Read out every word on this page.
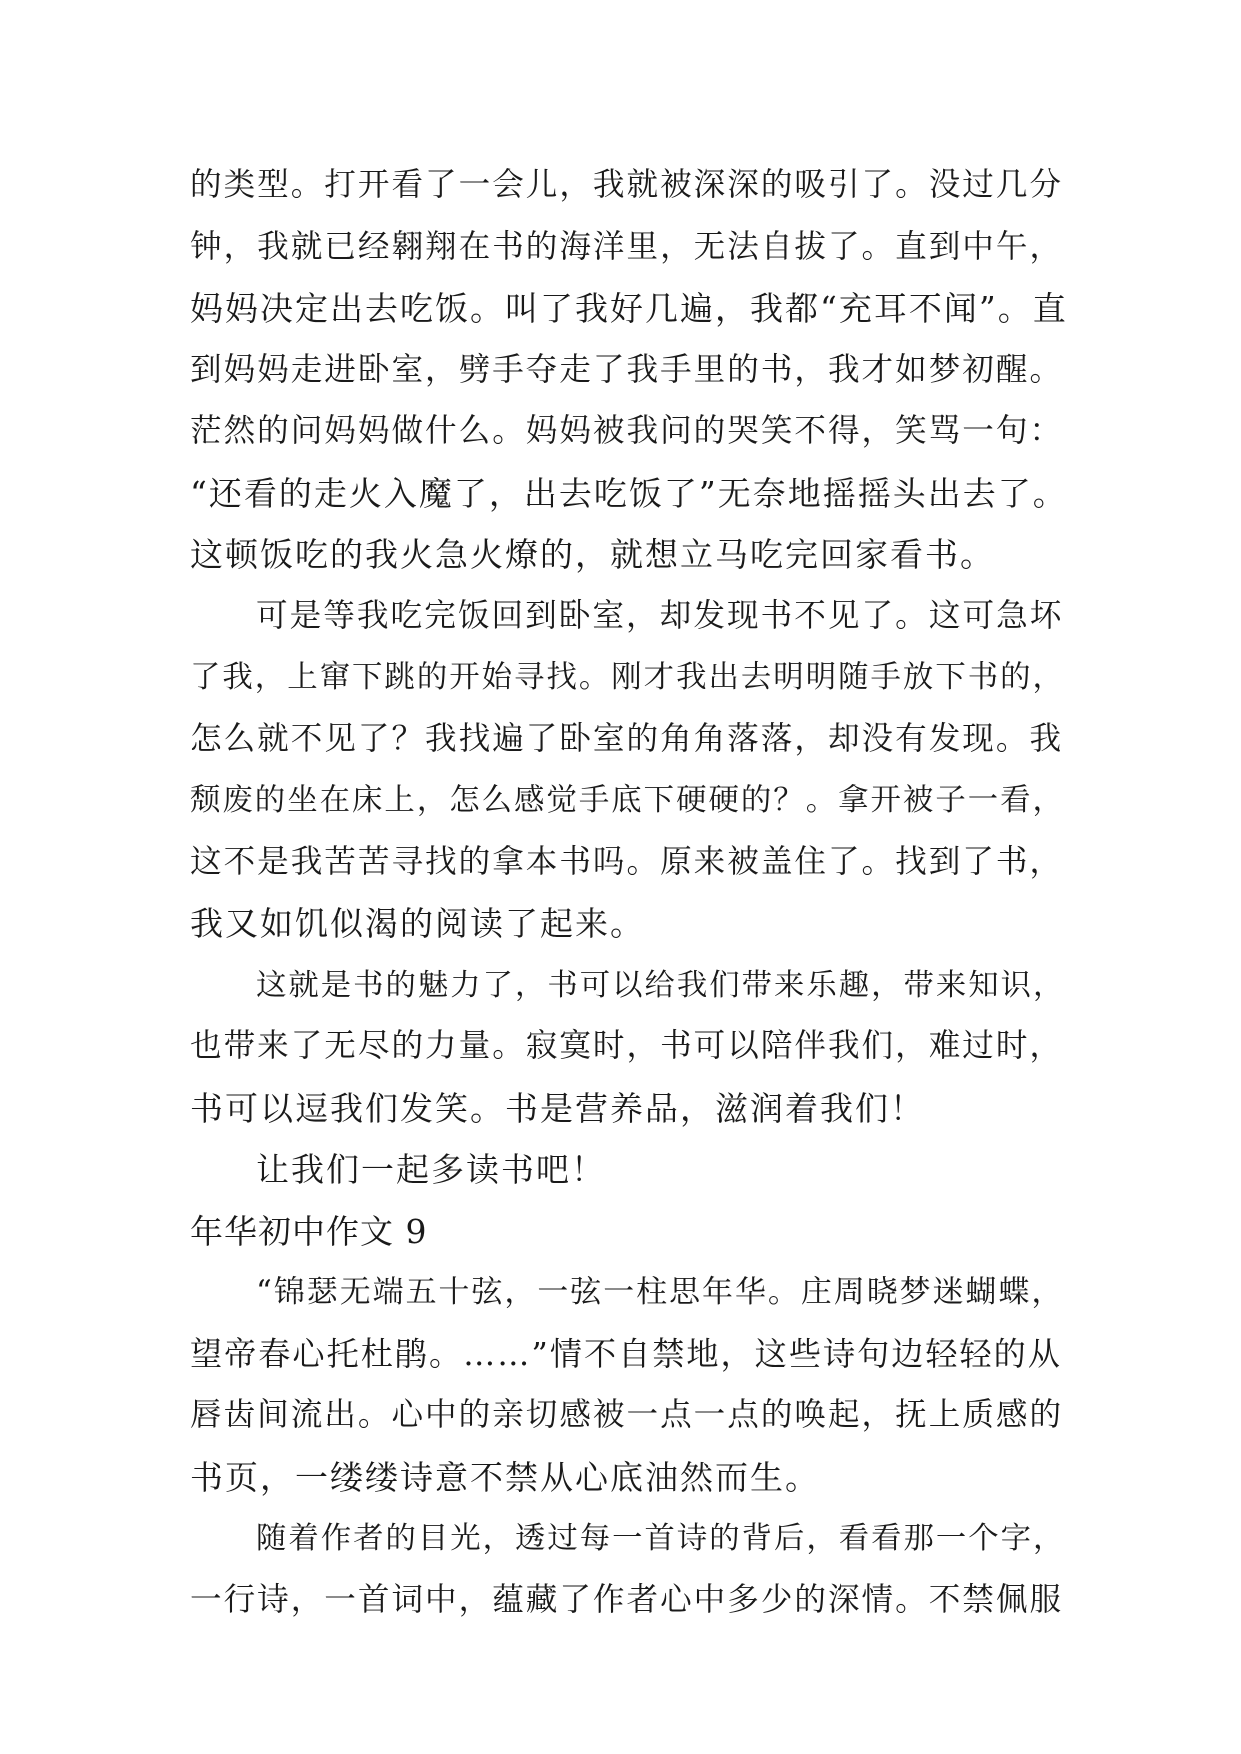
的类型。打开看了一会儿，我就被深深的吸引了。没过几分
钟，我就已经翱翔在书的海洋里，无法自拔了。直到中午，
妈妈决定出去吃饭。叫了我好几遍，我都“充耳不闻”。直
到妈妈走进卧室，劈手夺走了我手里的书，我才如梦初醒。
茫然的问妈妈做什么。妈妈被我问的哭笑不得，笑骂一句：
“还看的走火入魔了，出去吃饭了”无奈地摇摇头出去了。
这顿饭吃的我火急火燎的，就想立马吃完回家看书。
可是等我吃完饭回到卧室，却发现书不见了。这可急坏
了我，上窜下跳的开始寻找。刚才我出去明明随手放下书的，
怎么就不见了？我找遍了卧室的角角落落，却没有发现。我
颓废的坐在床上，怎么感觉手底下硬硬的？。拿开被子一看，
这不是我苦苦寻找的拿本书吗。原来被盖住了。找到了书，
我又如饥似渴的阅读了起来。
这就是书的魅力了，书可以给我们带来乐趣，带来知识，
也带来了无尽的力量。寂寞时，书可以陪伴我们，难过时，
书可以逗我们发笑。书是营养品，滋润着我们！
让我们一起多读书吧！
年华初中作文 9
“锦瑟无端五十弦，一弦一柱思年华。庄周晓梦迷蝴蝶，
望帝春心托杜鹃。……”情不自禁地，这些诗句边轻轻的从
唇齿间流出。心中的亲切感被一点一点的唤起，抚上质感的
书页，一缕缕诗意不禁从心底油然而生。
随着作者的目光，透过每一首诗的背后，看看那一个字，
一行诗，一首词中，蕴藏了作者心中多少的深情。不禁佩服
